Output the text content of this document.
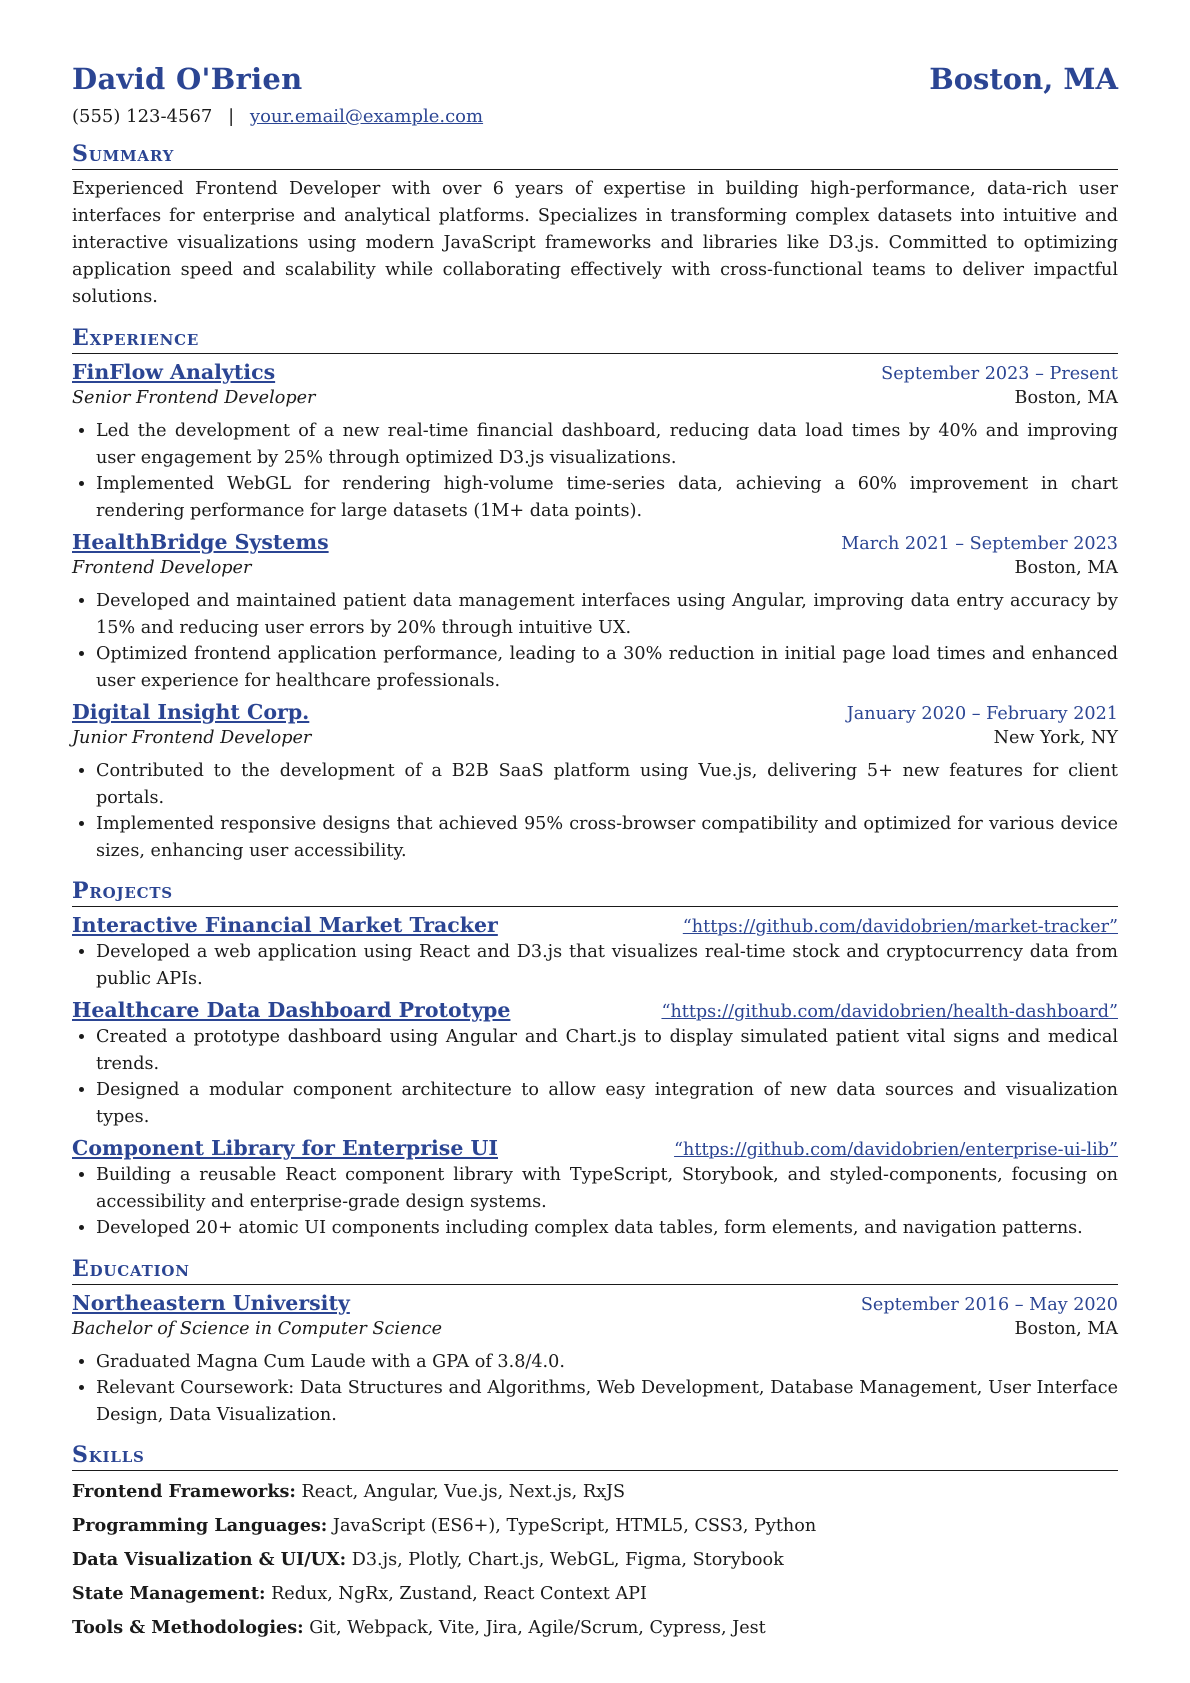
David O'Brien	Boston, MA
(555) 123-4567 | your.email@example.com
Summary

Experienced Frontend Developer with over 6 years of expertise in building high-performance, data-rich user interfaces for enterprise and analytical platforms. Specializes in transforming complex datasets into intuitive and interactive visualizations using modern JavaScript frameworks and libraries like D3.js. Committed to optimizing application speed and scalability while collaborating effectively with cross-functional teams to deliver impactful solutions.

Experience
FinFlow Analytics	September 2023 – Present
Senior Frontend Developer	Boston, MA
• Led the development of a new real-time financial dashboard, reducing data load times by 40% and improving user engagement by 25% through optimized D3.js visualizations.
• Implemented WebGL for rendering high-volume time-series data, achieving a 60% improvement in chart rendering performance for large datasets (1M+ data points).
HealthBridge Systems	March 2021 – September 2023
Frontend Developer	Boston, MA
• Developed and maintained patient data management interfaces using Angular, improving data entry accuracy by 15% and reducing user errors by 20% through intuitive UX.
• Optimized frontend application performance, leading to a 30% reduction in initial page load times and enhanced user experience for healthcare professionals.
Digital Insight Corp.	January 2020 – February 2021
Junior Frontend Developer	New York, NY
• Contributed to the development of a B2B SaaS platform using Vue.js, delivering 5+ new features for client portals.
• Implemented responsive designs that achieved 95% cross-browser compatibility and optimized for various device sizes, enhancing user accessibility.
Projects
Interactive Financial Market Tracker	“https://github.com/davidobrien/market-tracker”
• Developed a web application using React and D3.js that visualizes real-time stock and cryptocurrency data from public APIs.
Healthcare Data Dashboard Prototype	“https://github.com/davidobrien/health-dashboard”
• Created a prototype dashboard using Angular and Chart.js to display simulated patient vital signs and medical trends.
• Designed a modular component architecture to allow easy integration of new data sources and visualization types.
Component Library for Enterprise UI	“https://github.com/davidobrien/enterprise-ui-lib”
• Building a reusable React component library with TypeScript, Storybook, and styled-components, focusing on accessibility and enterprise-grade design systems.
• Developed 20+ atomic UI components including complex data tables, form elements, and navigation patterns.
Education
Northeastern University	September 2016 – May 2020
Bachelor of Science in Computer Science	Boston, MA
• Graduated Magna Cum Laude with a GPA of 3.8/4.0.
• Relevant Coursework: Data Structures and Algorithms, Web Development, Database Management, User Interface Design, Data Visualization.
Skills

Frontend Frameworks: React, Angular, Vue.js, Next.js, RxJS

Programming Languages: JavaScript (ES6+), TypeScript, HTML5, CSS3, Python

Data Visualization & UI/UX: D3.js, Plotly, Chart.js, WebGL, Figma, Storybook

State Management: Redux, NgRx, Zustand, React Context API

Tools & Methodologies: Git, Webpack, Vite, Jira, Agile/Scrum, Cypress, Jest
